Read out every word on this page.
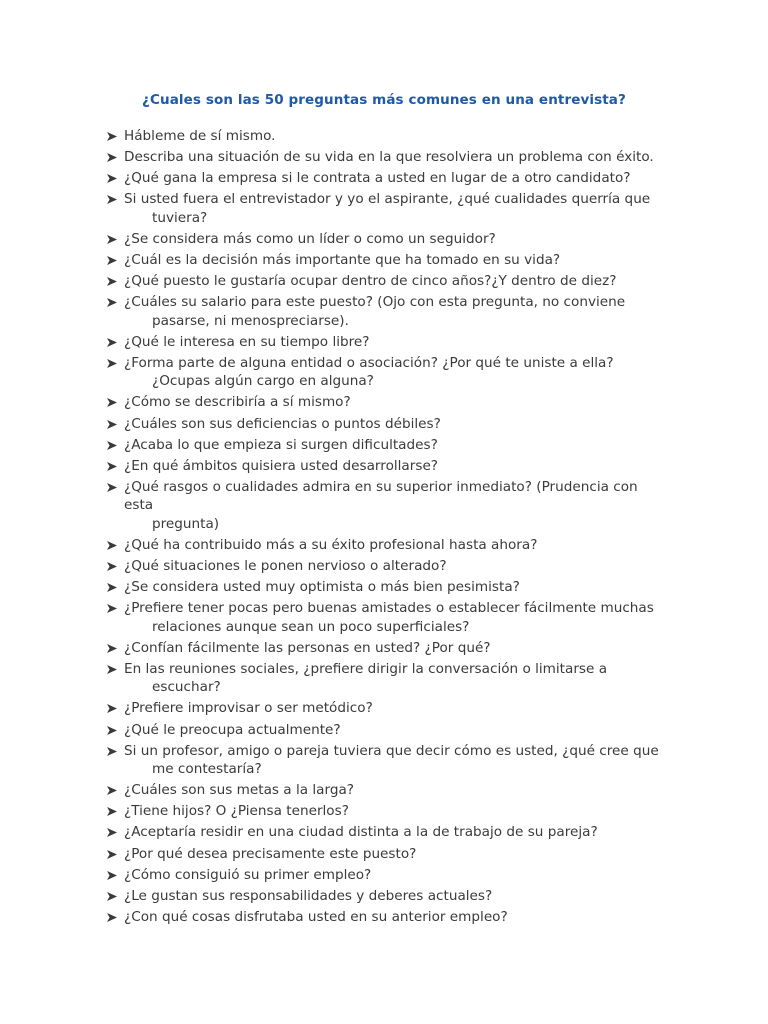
¿Cuales son las 50 preguntas más comunes en una entrevista?
Hábleme de sí mismo.
Describa una situación de su vida en la que resolviera un problema con éxito.
¿Qué gana la empresa si le contrata a usted en lugar de a otro candidato?
Si usted fuera el entrevistador y yo el aspirante, ¿qué cualidades querría que
tuviera?
¿Se considera más como un líder o como un seguidor?
¿Cuál es la decisión más importante que ha tomado en su vida?
¿Qué puesto le gustaría ocupar dentro de cinco años?¿Y dentro de diez?
¿Cuáles su salario para este puesto? (Ojo con esta pregunta, no conviene
pasarse, ni menospreciarse).
¿Qué le interesa en su tiempo libre?
¿Forma parte de alguna entidad o asociación? ¿Por qué te uniste a ella?
¿Ocupas algún cargo en alguna?
¿Cómo se describiría a sí mismo?
¿Cuáles son sus deficiencias o puntos débiles?
¿Acaba lo que empieza si surgen dificultades?
¿En qué ámbitos quisiera usted desarrollarse?
¿Qué rasgos o cualidades admira en su superior inmediato? (Prudencia con esta
pregunta)
¿Qué ha contribuido más a su éxito profesional hasta ahora?
¿Qué situaciones le ponen nervioso o alterado?
¿Se considera usted muy optimista o más bien pesimista?
¿Prefiere tener pocas pero buenas amistades o establecer fácilmente muchas
relaciones aunque sean un poco superficiales?
¿Confían fácilmente las personas en usted? ¿Por qué?
En las reuniones sociales, ¿prefiere dirigir la conversación o limitarse a
escuchar?
¿Prefiere improvisar o ser metódico?
¿Qué le preocupa actualmente?
Si un profesor, amigo o pareja tuviera que decir cómo es usted, ¿qué cree que
me contestaría?
¿Cuáles son sus metas a la larga?
¿Tiene hijos? O ¿Piensa tenerlos?
¿Aceptaría residir en una ciudad distinta a la de trabajo de su pareja?
¿Por qué desea precisamente este puesto?
¿Cómo consiguió su primer empleo?
¿Le gustan sus responsabilidades y deberes actuales?
¿Con qué cosas disfrutaba usted en su anterior empleo?
